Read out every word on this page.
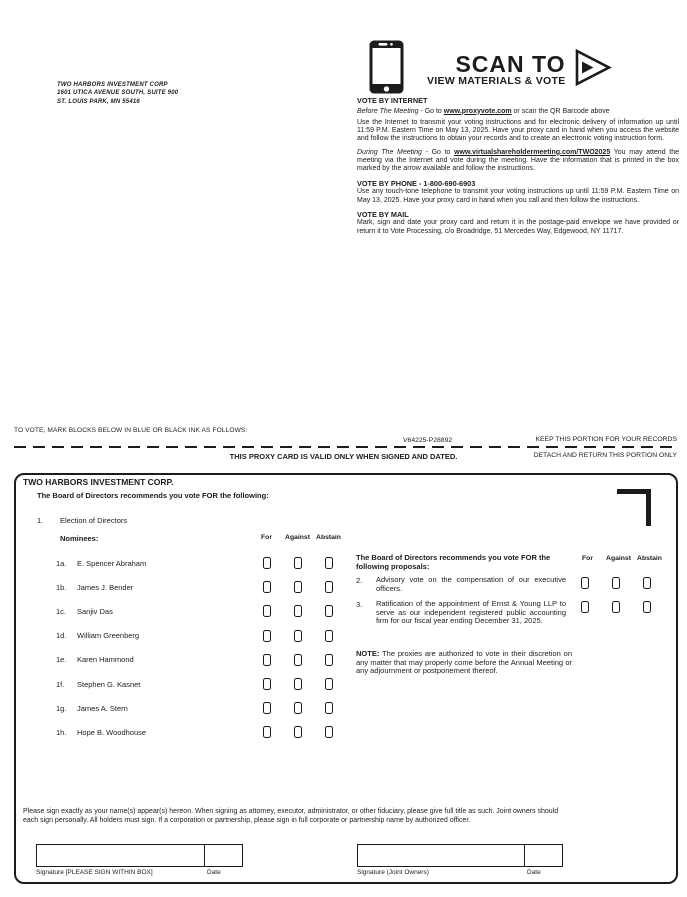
TWO HARBORS INVESTMENT CORP
1601 UTICA AVENUE SOUTH, SUITE 900
ST. LOUIS PARK, MN 55416
SCAN TO
VIEW MATERIALS & VOTE
VOTE BY INTERNET

Before The Meeting - Go to www.proxyvote.com or scan the QR Barcode above

Use the Internet to transmit your voting instructions and for electronic delivery of information up until 11:59 P.M. Eastern Time on May 13, 2025. Have your proxy card in hand when you access the website and follow the instructions to obtain your records and to create an electronic voting instruction form.

During The Meeting - Go to www.virtualshareholdermeeting.com/TWO2025 You may attend the meeting via the Internet and vote during the meeting. Have the information that is printed in the box marked by the arrow available and follow the instructions.

VOTE BY PHONE - 1-800-690-6903

Use any touch-tone telephone to transmit your voting instructions up until 11:59 P.M. Eastern Time on May 13, 2025. Have your proxy card in hand when you call and then follow the instructions.

VOTE BY MAIL

Mark, sign and date your proxy card and return it in the postage-paid envelope we have provided or return it to Vote Processing, c/o Broadridge, 51 Mercedes Way, Edgewood, NY 11717.

TO VOTE, MARK BLOCKS BELOW IN BLUE OR BLACK INK AS FOLLOWS:
V64225-P28892	KEEP THIS PORTION FOR YOUR RECORDS
THIS PROXY CARD IS VALID ONLY WHEN SIGNED AND DATED.	DETACH AND RETURN THIS PORTION ONLY
TWO HARBORS INVESTMENT CORP.
The Board of Directors recommends you vote FOR the following:
1.	Election of Directors
Nominees:	For	Against Abstain
1a.	E. Spencer Abraham
1b.	James J. Bender
1c.	Sanjiv Das
1d.	William Greenberg
1e.	Karen Hammond
1f.	Stephen G. Kasnet
1g.	James A. Stern
1h.	Hope B. Woodhouse
The Board of Directors recommends you vote FOR the following proposals:
For	Against Abstain
2.	Advisory vote on the compensation of our executive officers.
3.	Ratification of the appointment of Ernst & Young LLP to serve as our independent registered public accounting firm for our fiscal year ending December 31, 2025.
NOTE: The proxies are authorized to vote in their discretion on any matter that may properly come before the Annual Meeting or any adjournment or postponement thereof.
Please sign exactly as your name(s) appear(s) hereon. When signing as attorney, executor, administrator, or other fiduciary, please give full title as such. Joint owners should each sign personally. All holders must sign. If a corporation or partnership, please sign in full corporate or partnership name by authorized officer.
Signature [PLEASE SIGN WITHIN BOX]	Date	Signature (Joint Owners)	Date
